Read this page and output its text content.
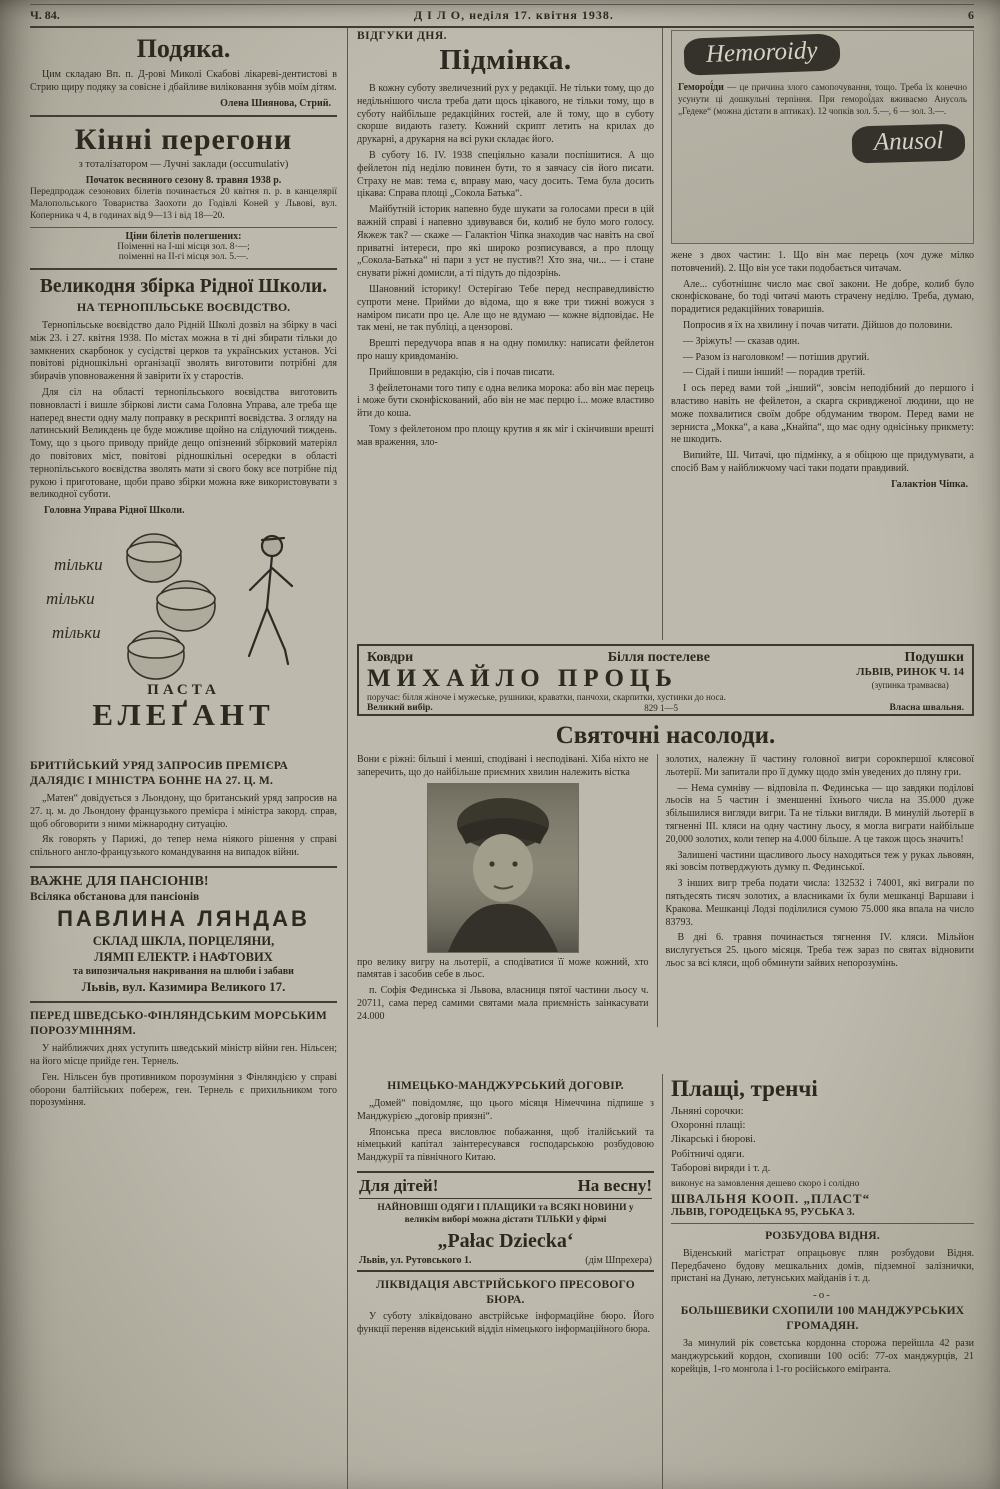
Ч. 84.	Д І Л О, неділя 17. квітня 1938.	6
Подяка.

Цим складаю Вп. п. Д-рові Миколі Скабові лікареві-дентистові в Стрию щиру подяку за совісне і дбайливе виліковання зубів моїм дітям.

Олена Шиянова, Стрий.

Кінні перегони

з тоталізатором — Лучні заклади (occumulativ)

Початок весняного сезону 8. травня 1938 р.

Передпродаж сезонових білетів починається 20 квітня п. р. в канцелярії Малопольського Товариства Заохоти до Годівлі Коней у Львові, вул. Коперника ч 4, в годинах від 9—13 і від 18—20.

Ціни білетів полегшених:

Поіменні на І-ші місця зол. 8·—;

поіменні на ІІ-гі місця зол. 5.—.

Великодня збірка Рідної Школи.

НА ТЕРНОПІЛЬСЬКЕ ВОЄВІДСТВО.

Тернопільське воєвідство дало Рідній Школі дозвіл на збірку в часі між 23. і 27. квітня 1938. По містах можна в ті дні збирати тільки до замкнених скарбонок у сусідстві церков та українських установ. Усі повітові рідношкільні організації зволять виготовити потрібні для збирачів уповноваження й завірити їх у старостів.

Для сіл на області тернопільського воєвідства виготовить повновласті і вишле збіркові листи сама Головна Управа, але треба ще наперед внести одну малу поправку в рескрипті воєвідства. З огляду на латинський Великдень це буде можливе щойно на слідуючий тиждень. Тому, що з цього приводу прийде дещо опізнений збірковий матеріял до повітових міст, повітові рідношкільні осередки в області тернопільського воєвідства зволять мати зі свого боку все потрібне під рукою і приготоване, щоби право збірки можна вже використовувати з великодної суботи.

Головна Управа Рідної Школи.

тільки
тільки
тільки

ПАСТА

ЕЛЕҐАНТ

БРИТІЙСЬКИЙ УРЯД ЗАПРОСИВ ПРЕМІЄРА ДАЛЯДІЄ І МІНІСТРА БОННЕ НА 27. Ц. М.

„Матен“ довідується з Льондону, що британський уряд запросив на 27. ц. м. до Льондону французького премієра і міністра закорд. справ, щоб обговорити з ними міжнародну ситуацію.

Як говорять у Парижі, до тепер нема ніякого рішення у справі спільного англо-французького командування на випадок війни.

ВАЖНЕ ДЛЯ ПАНСІОНІВ!

Всіляка обстанова для пансіонів

ПАВЛИНА ЛЯНДАВ

СКЛАД ШКЛА, ПОРЦЕЛЯНИ,

ЛЯМП ЕЛЕКТР. і НАФТОВИХ

та випозичальня накривання на шлюби і забави

Львів, вул. Казимира Великого 17.

ПЕРЕД ШВЕДСЬКО-ФІНЛЯНДСЬКИМ МОРСЬКИМ ПОРОЗУМІННЯМ.

У найближчих днях уступить шведський міністр війни ген. Нільсен; на його місце прийде ген. Тернель.

Ген. Нільсен був противником порозуміння з Фінляндією у справі оборони балтійських побереж, ген. Тернель є прихильником того порозуміння.

ВІДГУКИ ДНЯ.

Підмінка.

В кожну суботу звеличезний рух у редакції. Не тільки тому, що до недільнішого числа треба дати щось цікавого, не тільки тому, що в суботу найбільше редакційних гостей, але й тому, що в суботу скорше видають газету. Кожний скрипт летить на крилах до друкарні, а друкарня на всі руки складає його.

В суботу 16. IV. 1938 спеціяльно казали поспішитися. А що фейлетон під неділю повинен бути, то я завчасу сів його писати. Страху не мав: тема є, вправу маю, часу досить. Тема була досить цікава: Справа площі „Сокола Батька“.

Майбутній історик напевно буде шукати за голосами преси в цій важній справі і напевно здивувався би, колиб не було мого голосу. Якжеж так? — скаже — Галактіон Чіпка знаходив час навіть на свої приватні інтереси, про які широко розписувався, а про площу „Сокола-Батька“ ні пари з уст не пустив?! Хто зна, чи... — і стане снувати ріжні домисли, а ті підуть до підозрінь.

Шановний історику! Остерігаю Тебе перед несправедливістю супроти мене. Прийми до відома, що я вже три тижні вожуся з наміром писати про це. Але що не вдумаю — кожне відповідає. Не так мені, не так публіці, а цензорові.

Врешті передучора впав я на одну помилку: написати фейлетон про нашу кривдоманію.

Прийшовши в редакцію, сів і почав писати.

З фейлетонами того типу є одна велика морока: або він має перець і може бути сконфіскований, або він не має перцю і... може властиво йти до коша.

Тому з фейлетоном про площу крутив я як міг і скінчивши врешті мав враження, зло-

Hemoroidy

Геморої́ди — це причина злого самопочування, тощо. Треба їх конечно усунути ці дошкульні терпіння. При геморої́дах вживаємо Анусоль „Гедеке“ (можна дістати в аптиках). 12 чопків зол. 5.—, 6 — зол. 3.—.

Anusol

жене з двох частин: 1. Що він має перець (хоч дуже мілко потовчений). 2. Що він усе таки подобається читачам.

Але... суботнішнє число має свої закони. Не добре, колиб було сконфісковане, бо тоді читачі мають страчену неділю. Треба, думаю, порадитися редакційних товаришів.

Попросив я їх на хвилину і почав читати. Дійшов до половини.

— Зріжуть! — сказав один.

— Разом із наголовком! — потішив другий.

— Сідай і пиши інший! — порадив третій.

І ось перед вами той „інший“, зовсім неподібний до першого і властиво навіть не фейлетон, а скарга скривдженої людини, що не може похвалитися своїм добре обдуманим твором. Перед вами не зерниста „Мокка“, а кава „Кнайпа“, що має одну однісіньку прикмету: не шкодить.

Випийте, Ш. Читачі, цю підмінку, а я обіцюю ще придумувати, а спосіб Вам у найближчому часі таки подати правдивий.

Галактіон Чіпка.

Ковдри	Білля постелеве	Подушки
МИХАЙЛО ПРОЦЬ	ЛЬВІВ, РИНОК Ч. 14
(зупинка трамваєва)

поручає: білля жіноче і мужеське, рушники, краватки, панчохи, скарпитки, хустинки до носа.

Великий вибір.	829 1—5	Власна швальня.
Святочні насолоди.

Вони є ріжні: більші і менші, сподівані і несподівані. Хіба ніхто не заперечить, що до найбільше приємних хвилин належить вістка

про велику вигру на льотерії, а сподіватися її може кожний, хто памятав і засобив себе в льос.

п. Софія Фединська зі Львова, власниця пятої частини льосу ч. 20711, сама перед самими святами мала приємність заінкасувати 24.000

золотих, належну її частину головної вигри сорокпершої клясової льотерії. Ми запитали про її думку щодо змін уведених до пляну гри.

— Нема сумніву — відповіла п. Фединська — що завдяки поділові льосів на 5 частин і зменшенні їхнього числа на 35.000 дуже збільшилися вигляди вигри. Та не тільки вигляди. В минулій льотерії в тягненні III. кляси на одну частину льосу, я могла виграти найбільше 20,000 золотих, коли тепер на 4.000 більше. А це також щось значить!

Залишені частини щасливого льосу находяться теж у руках львовян, які зовсім потверджують думку п. Фединської.

З інших вигр треба подати числа: 132532 і 74001, які виграли по пятьдесять тисяч золотих, а власниками їх були мешканці Варшави і Кракова. Мешканці Лодзі поділилися сумою 75.000 яка впала на число 83793.

В дні 6. травня починається тягнення IV. кляси. Мільйон вислугується 25. цього місяця. Треба теж зараз по святах відновити льос за всі кляси, щоб обминути зайвих непорозумінь.

НІМЕЦЬКО-МАНДЖУРСЬКИЙ ДОГОВІР.

„Домей“ повідомляє, що цього місяця Німеччина підпише з Манджурією „договір приязні“.

Японська преса висловлює побажання, щоб італійський та німецький капітал заінтересувався господарською розбудовою Манджурії та північного Китаю.

Для дітей!	На весну!

НАЙНОВІШІ ОДЯГИ І ПЛАЩИКИ та ВСЯКІ НОВИНИ у великім виборі можна дістати ТІЛЬКИ у фірмі

„Pałac Dziecka‘

Львів, ул. Рутовського 1.	(дім Шпрехера)
ЛІКВІДАЦІЯ АВСТРІЙСЬКОГО ПРЕСОВОГО БЮРА.

У суботу зліквідовано австрійське інформаційне бюро. Його функції переняв віденський відділ німецького інформаційного бюра.

Плащі, тренчі

Льняні сорочки:

Охоронні плащі:

Лікарські і бюрові.

Робітничі одяги.

Таборові виряди і т. д.

виконує на замовлення дешево скоро і солідно

ШВАЛЬНЯ КООП. „ПЛАСТ“

ЛЬВІВ, ГОРОДЕЦЬКА 95, РУСЬКА 3.

РОЗБУДОВА ВІДНЯ.

Віденський магістрат опрацьовує плян розбудови Відня. Передбачено будову мешкальних домів, підземної залізнички, пристані на Дунаю, летунських майданів і т. д.

-о-

БОЛЬШЕВИКИ СХОПИЛИ 100 МАНДЖУРСЬКИХ ГРОМАДЯН.

За минулий рік совєтська кордонна сторожа перейшла 42 рази манджурський кордон, схопивши 100 осіб: 77-ох манджурців, 21 корейців, 1-го монгола і 1-го російського еміґранта.
